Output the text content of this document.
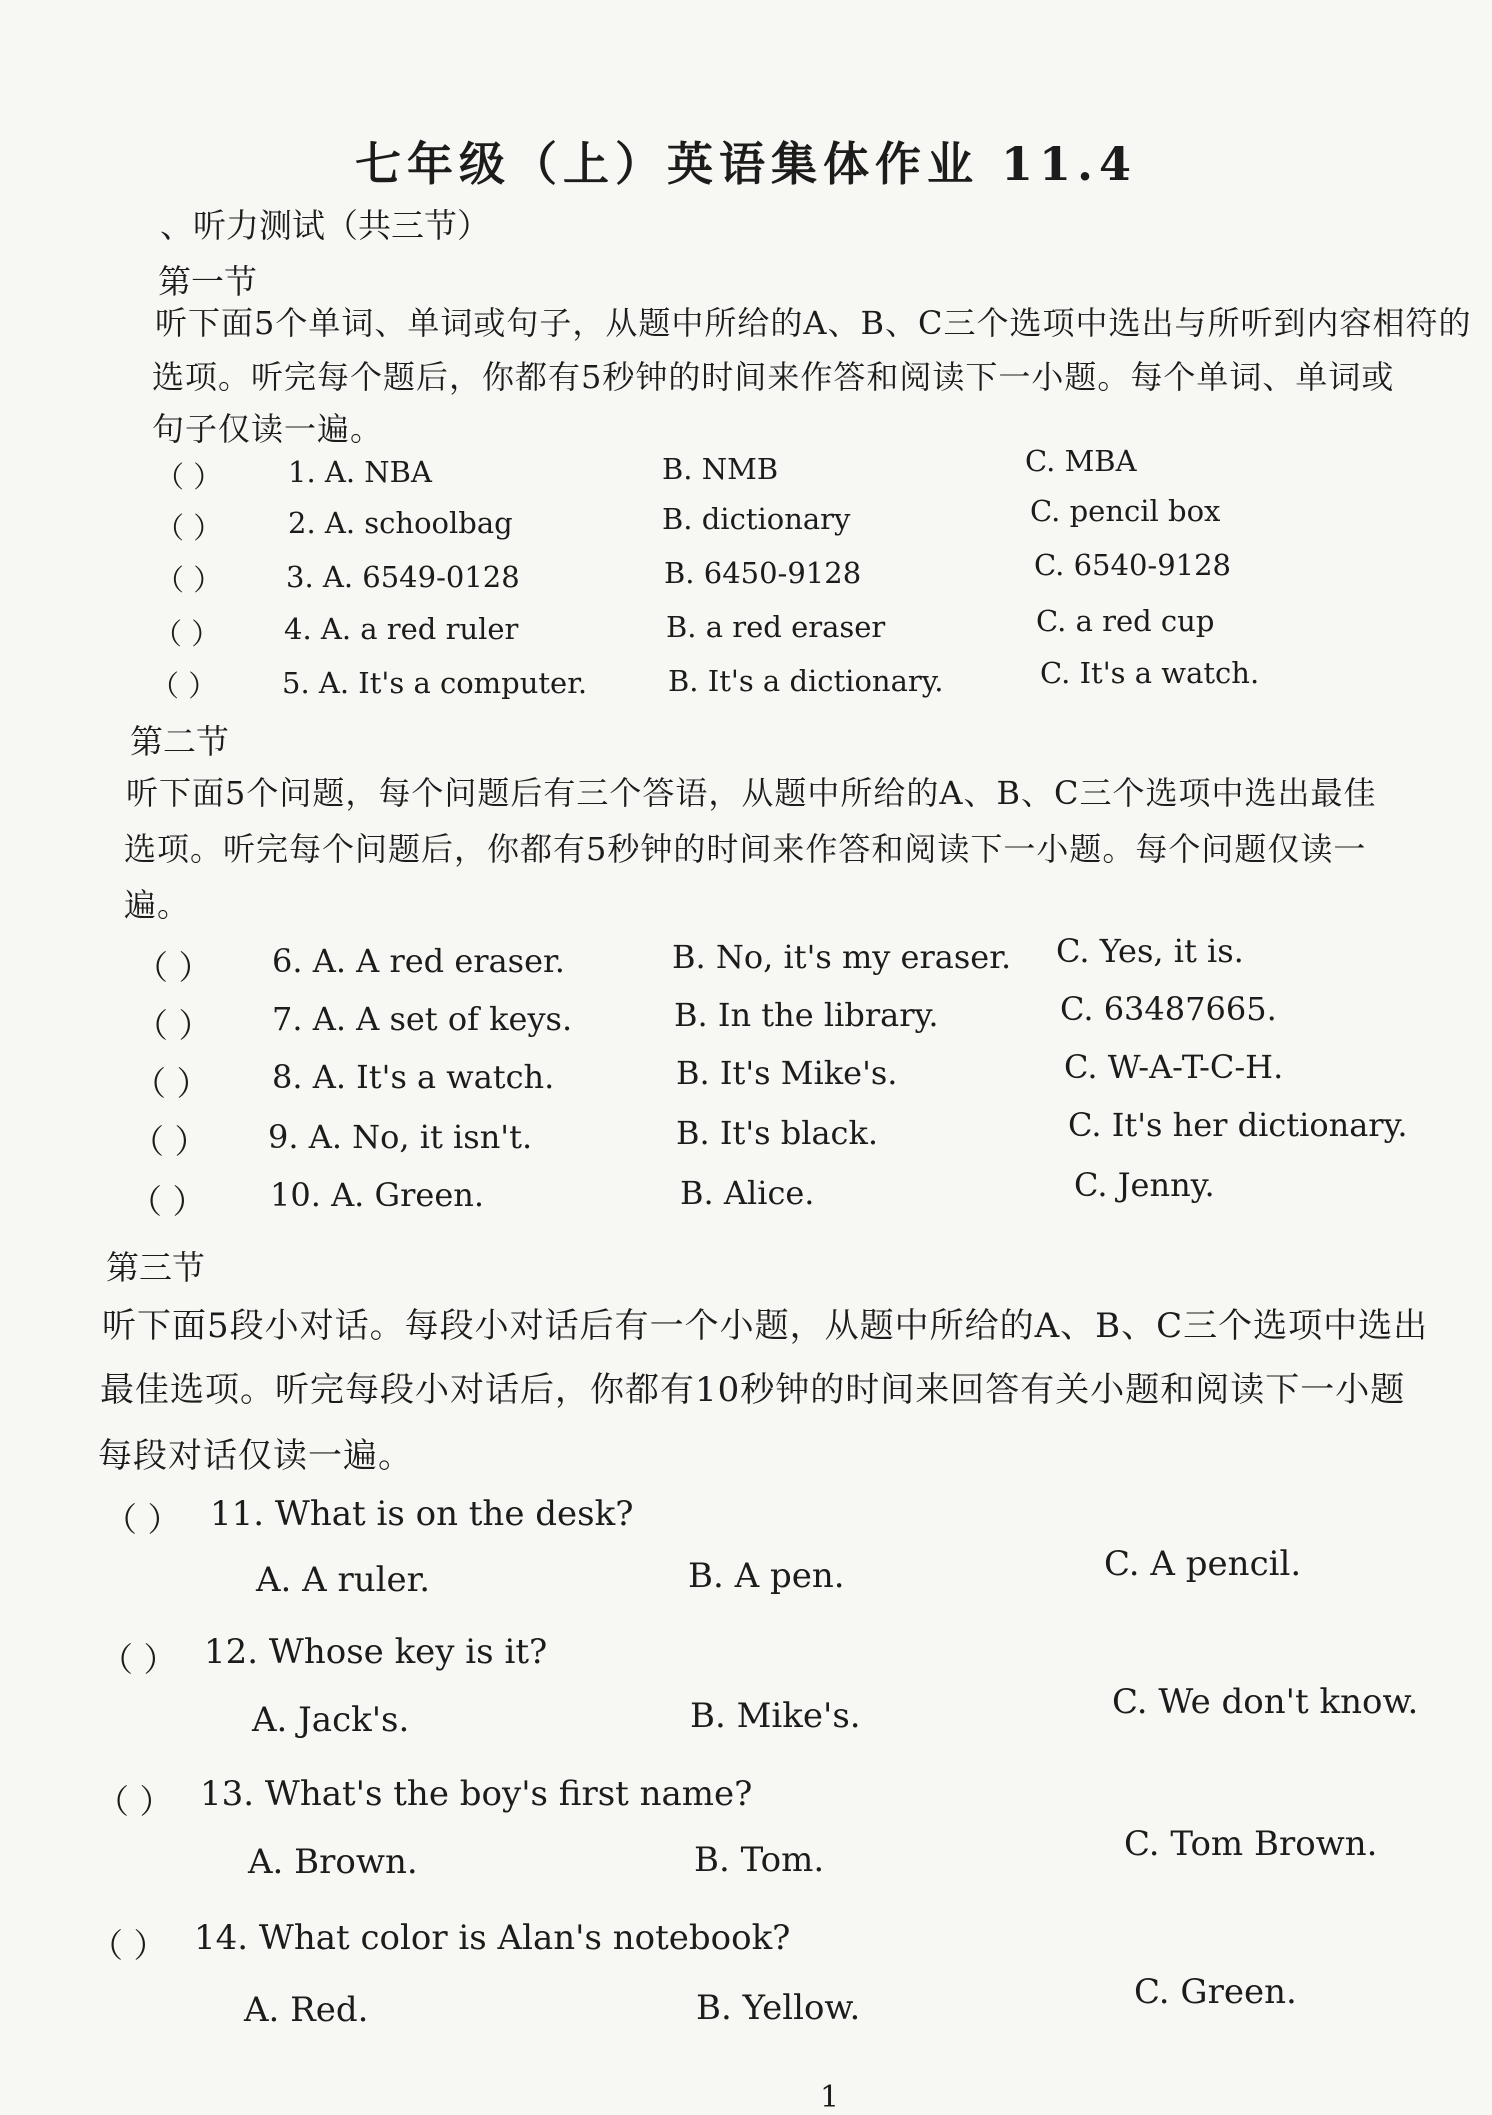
七年级（上）英语集体作业 11.4
、听力测试（共三节）
第一节
听下面5个单词、单词或句子，从题中所给的A、B、C三个选项中选出与所听到内容相符的
选项。听完每个题后，你都有5秒钟的时间来作答和阅读下一小题。每个单词、单词或
句子仅读一遍。
（ ） 1. A. NBA	B. NMB	C. MBA
（ ） 2. A. schoolbag	B. dictionary	C. pencil box
（ ） 3. A. 6549-0128	B. 6450-9128	C. 6540-9128
（ ） 4. A. a red ruler	B. a red eraser	C. a red cup
（ ） 5. A. It's a computer.	B. It's a dictionary.	C. It's a watch.
第二节
听下面5个问题，每个问题后有三个答语，从题中所给的A、B、C三个选项中选出最佳
选项。听完每个问题后，你都有5秒钟的时间来作答和阅读下一小题。每个问题仅读一
遍。
（ ） 6. A. A red eraser.	B. No, it's my eraser. C. Yes, it is.
（ ） 7. A. A set of keys.	B. In the library.	C. 63487665.
（ ） 8. A. It's a watch.	B. It's Mike's.	C. W-A-T-C-H.
（ ） 9. A. No, it isn't.	B. It's black.	C. It's her dictionary.
（ ） 10. A. Green.	B. Alice.	C. Jenny.
第三节
听下面5段小对话。每段小对话后有一个小题，从题中所给的A、B、C三个选项中选出
最佳选项。听完每段小对话后，你都有10秒钟的时间来回答有关小题和阅读下一小题
每段对话仅读一遍。
（ ） 11. What is on the desk?
A. A ruler.	B. A pen.	C. A pencil.
（ ） 12. Whose key is it?
A. Jack's.	B. Mike's.	C. We don't know.
（ ） 13. What's the boy's first name?
A. Brown.	B. Tom.	C. Tom Brown.
（ ） 14. What color is Alan's notebook?
A. Red.	B. Yellow.	C. Green.
1
